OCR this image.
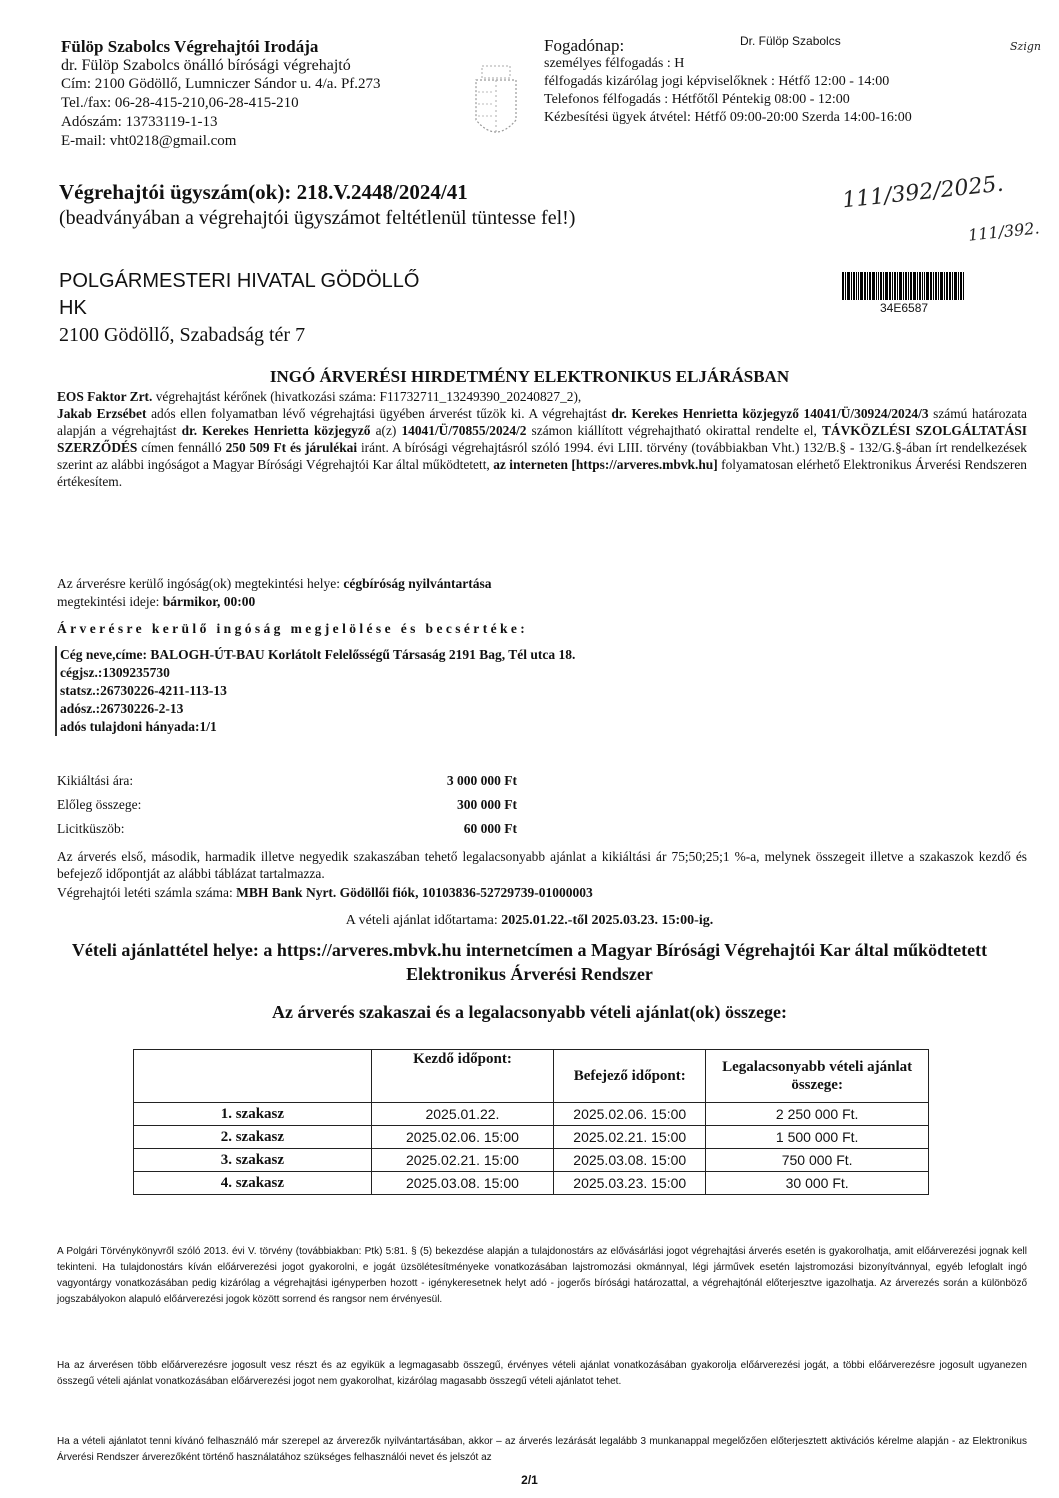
Fülöp Szabolcs Végrehajtói Irodája
dr. Fülöp Szabolcs önálló bírósági végrehajtó
Cím: 2100 Gödöllő, Lumniczer Sándor u. 4/a. Pf.273
Tel./fax: 06-28-415-210,06-28-415-210
Adószám: 13733119-1-13
E-mail: vht0218@gmail.com
Fogadónap:
személyes félfogadás : H
félfogadás kizárólag jogi képviselőknek : Hétfő 12:00 - 14:00
Telefonos félfogadás : Hétfőtől Péntekig 08:00 - 12:00
Kézbesítési ügyek átvétel: Hétfő 09:00-20:00 Szerda 14:00-16:00
Dr. Fülöp Szabolcs	Szign
Végrehajtói ügyszám(ok): 218.V.2448/2024/41
(beadványában a végrehajtói ügyszámot feltétlenül tüntesse fel!)
111/392/2025.
111/392.
POLGÁRMESTERI HIVATAL GÖDÖLLŐ
HK
2100 Gödöllő, Szabadság tér 7
34E6587
INGÓ ÁRVERÉSI HIRDETMÉNY ELEKTRONIKUS ELJÁRÁSBAN
EOS Faktor Zrt. végrehajtást kérőnek (hivatkozási száma: F11732711_13249390_20240827_2),
Jakab Erzsébet adós ellen folyamatban lévő végrehajtási ügyében árverést tűzök ki. A végrehajtást dr. Kerekes Henrietta közjegyző 14041/Ü/30924/2024/3 számú határozata alapján a végrehajtást dr. Kerekes Henrietta közjegyző a(z) 14041/Ü/70855/2024/2 számon kiállított végrehajtható okirattal rendelte el, TÁVKÖZLÉSI SZOLGÁLTATÁSI SZERZŐDÉS címen fennálló 250 509 Ft és járulékai iránt. A bírósági végrehajtásról szóló 1994. évi LIII. törvény (továbbiakban Vht.) 132/B.§ - 132/G.§-ában írt rendelkezések szerint az alábbi ingóságot a Magyar Bírósági Végrehajtói Kar által működtetett, az interneten [https://arveres.mbvk.hu] folyamatosan elérhető Elektronikus Árverési Rendszeren értékesítem.
Az árverésre kerülő ingóság(ok) megtekintési helye: cégbíróság nyilvántartása
megtekintési ideje: bármikor, 00:00
Árverésre kerülő ingóság megjelölése és becsértéke:
Cég neve,címe: BALOGH-ÚT-BAU Korlátolt Felelősségű Társaság 2191 Bag, Tél utca 18.
cégjsz.:1309235730
statsz.:26730226-4211-113-13
adósz.:26730226-2-13
adós tulajdoni hányada:1/1
Kikiáltási ára:	3 000 000 Ft
Előleg összege:	300 000 Ft
Licitküszöb:	60 000 Ft
Az árverés első, második, harmadik illetve negyedik szakaszában tehető legalacsonyabb ajánlat a kikiáltási ár 75;50;25;1 %-a, melynek összegeit illetve a szakaszok kezdő és befejező időpontját az alábbi táblázat tartalmazza.
Végrehajtói letéti számla száma: MBH Bank Nyrt. Gödöllői fiók, 10103836-52729739-01000003
A vételi ajánlat időtartama: 2025.01.22.-től 2025.03.23. 15:00-ig.
Vételi ajánlattétel helye: a https://arveres.mbvk.hu internetcímen a Magyar Bírósági Végrehajtói Kar által működtetett Elektronikus Árverési Rendszer
Az árverés szakaszai és a legalacsonyabb vételi ajánlat(ok) összege:
	Kezdő időpont:	Befejező időpont:	Legalacsonyabb vételi ajánlat összege:
1. szakasz	2025.01.22.	2025.02.06. 15:00	2 250 000 Ft.
2. szakasz	2025.02.06. 15:00	2025.02.21. 15:00	1 500 000 Ft.
3. szakasz	2025.02.21. 15:00	2025.03.08. 15:00	750 000 Ft.
4. szakasz	2025.03.08. 15:00	2025.03.23. 15:00	30 000 Ft.
A Polgári Törvénykönyvről szóló 2013. évi V. törvény (továbbiakban: Ptk) 5:81. § (5) bekezdése alapján a tulajdonostárs az elővásárlási jogot végrehajtási árverés esetén is gyakorolhatja, amit előárverezési jognak kell tekinteni. Ha tulajdonostárs kíván előárverezési jogot gyakorolni, e jogát üzsölétesítményeke vonatkozásában lajstromozási okmánnyal, légi járművek esetén lajstromozási bizonyítvánnyal, egyéb lefoglalt ingó vagyontárgy vonatkozásában pedig kizárólag a végrehajtási igényperben hozott - igénykeresetnek helyt adó - jogerős bírósági határozattal, a végrehajtónál előterjesztve igazolhatja. Az árverezés során a különböző jogszabályokon alapuló előárverezési jogok között sorrend és rangsor nem érvényesül.
Ha az árverésen több előárverezésre jogosult vesz részt és az egyikük a legmagasabb összegű, érvényes vételi ajánlat vonatkozásában gyakorolja előárverezési jogát, a többi előárverezésre jogosult ugyanezen összegű vételi ajánlat vonatkozásában előárverezési jogot nem gyakorolhat, kizárólag magasabb összegű vételi ajánlatot tehet.
Ha a vételi ajánlatot tenni kívánó felhasználó már szerepel az árverezők nyilvántartásában, akkor – az árverés lezárását legalább 3 munkanappal megelőzően előterjesztett aktivációs kérelme alapján - az Elektronikus Árverési Rendszer árverezőként történő használatához szükséges felhasználói nevet és jelszót az
2/1
